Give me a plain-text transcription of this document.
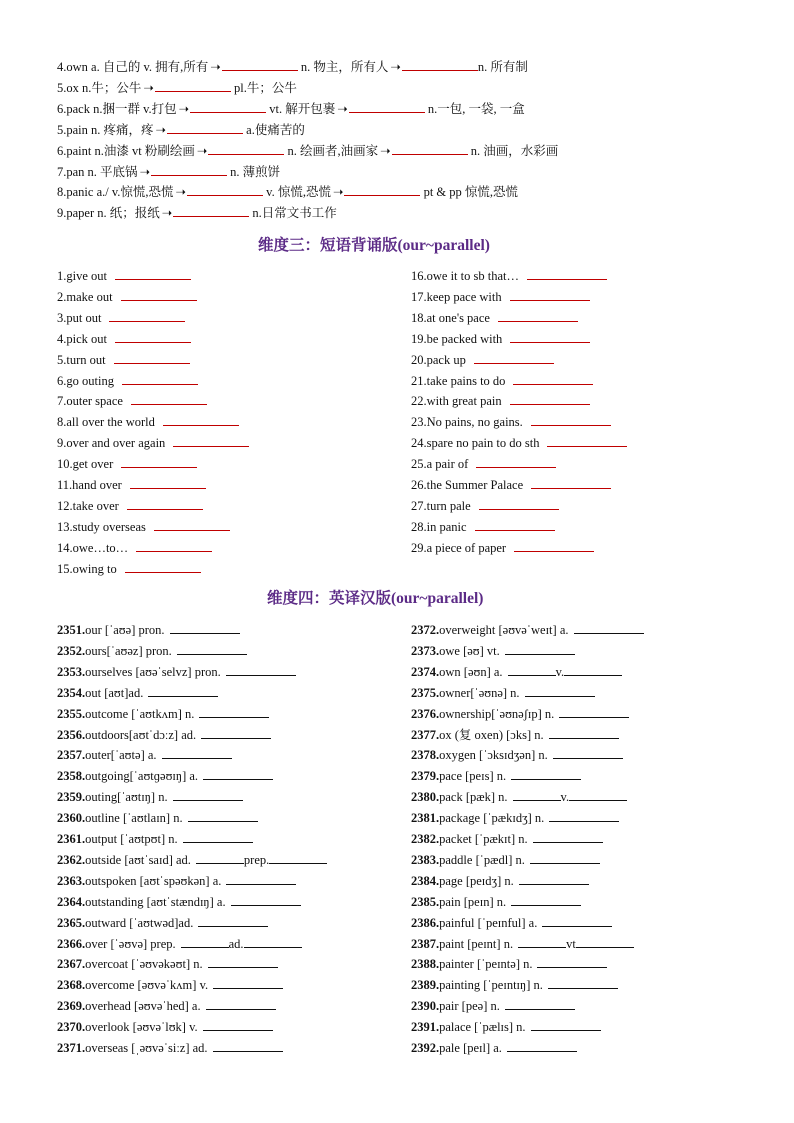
4.own a. 自己的 v. 拥有,所有 ➝	n. 物主，所有人 ➝	n. 所有制
5.ox n.牛；公牛 ➝	pl.牛；公牛
6.pack n.捆一群 v.打包 ➝	vt. 解开包裹 ➝	n.一包, 一袋, 一盒
5.pain n. 疼痛，疼 ➝	a.使痛苦的
6.paint n.油漆 vt 粉刷绘画 ➝	n. 绘画者,油画家 ➝	n. 油画，水彩画
7.pan n. 平底锅 ➝	n. 薄煎饼
8.panic a./ v.惊慌,恐慌 ➝	v. 惊慌,恐慌 ➝	pt & pp 惊慌,恐慌
9.paper n. 纸；报纸 ➝	n.日常文书工作
维度三：短语背诵版(our~parallel)
1.give out
2.make out
3.put out
4.pick out
5.turn out
6.go outing
7.outer space
8.all over the world
9.over and over again
10.get over
11.hand over
12.take over
13.study overseas
14.owe…to…
15.owing to
16.owe it to sb that…
17.keep pace with
18.at one's pace
19.be packed with
20.pack up
21.take pains to do
22.with great pain
23.No pains, no gains.
24.spare no pain to do sth
25.a pair of
26.the Summer Palace
27.turn pale
28.in panic
29.a piece of paper
维度四：英译汉版(our~parallel)
2351.our [ˈaʊə] pron.
2352.ours[ˈaʊəz] pron.
2353.ourselves [aʊəˈselvz] pron.
2354.out [aʊt]ad.
2355.outcome [ˈaʊtkʌm] n.
2356.outdoors[aʊtˈdɔːz] ad.
2357.outer[ˈaʊtə] a.
2358.outgoing[ˈaʊtɡəʊɪŋ] a.
2359.outing[ˈaʊtɪŋ] n.
2360.outline [ˈaʊtlaɪn] n.
2361.output [ˈaʊtpʊt] n.
2362.outside [aʊtˈsaɪd] ad.	prep.
2363.outspoken [aʊtˈspəʊkən] a.
2364.outstanding [aʊtˈstændɪŋ] a.
2365.outward [ˈaʊtwəd]ad.
2366.over [ˈəʊvə] prep.	ad.
2367.overcoat [ˈəʊvəkəʊt] n.
2368.overcome [əʊvəˈkʌm] v.
2369.overhead [əʊvəˈhed] a.
2370.overlook [əʊvəˈlʊk] v.
2371.overseas [ˌəʊvəˈsiːz] ad.
2372.overweight [əʊvəˈweɪt] a.
2373.owe [əʊ] vt.
2374.own [əʊn] a.	v.
2375.owner[ˈəʊnə] n.
2376.ownership[ˈəʊnəʃɪp] n.
2377.ox (复 oxen) [ɔks] n.
2378.oxygen [ˈɔksɪdʒən] n.
2379.pace [peɪs] n.
2380.pack [pæk] n.	v.
2381.package [ˈpækɪdʒ] n.
2382.packet [ˈpækɪt] n.
2383.paddle [ˈpædl] n.
2384.page [peɪdʒ] n.
2385.pain [peɪn] n.
2386.painful [ˈpeɪnful] a.
2387.paint [peɪnt] n.	vt
2388.painter [ˈpeɪntə] n.
2389.painting [ˈpeɪntɪŋ] n.
2390.pair [peə] n.
2391.palace [ˈpælɪs] n.
2392.pale [peɪl] a.
